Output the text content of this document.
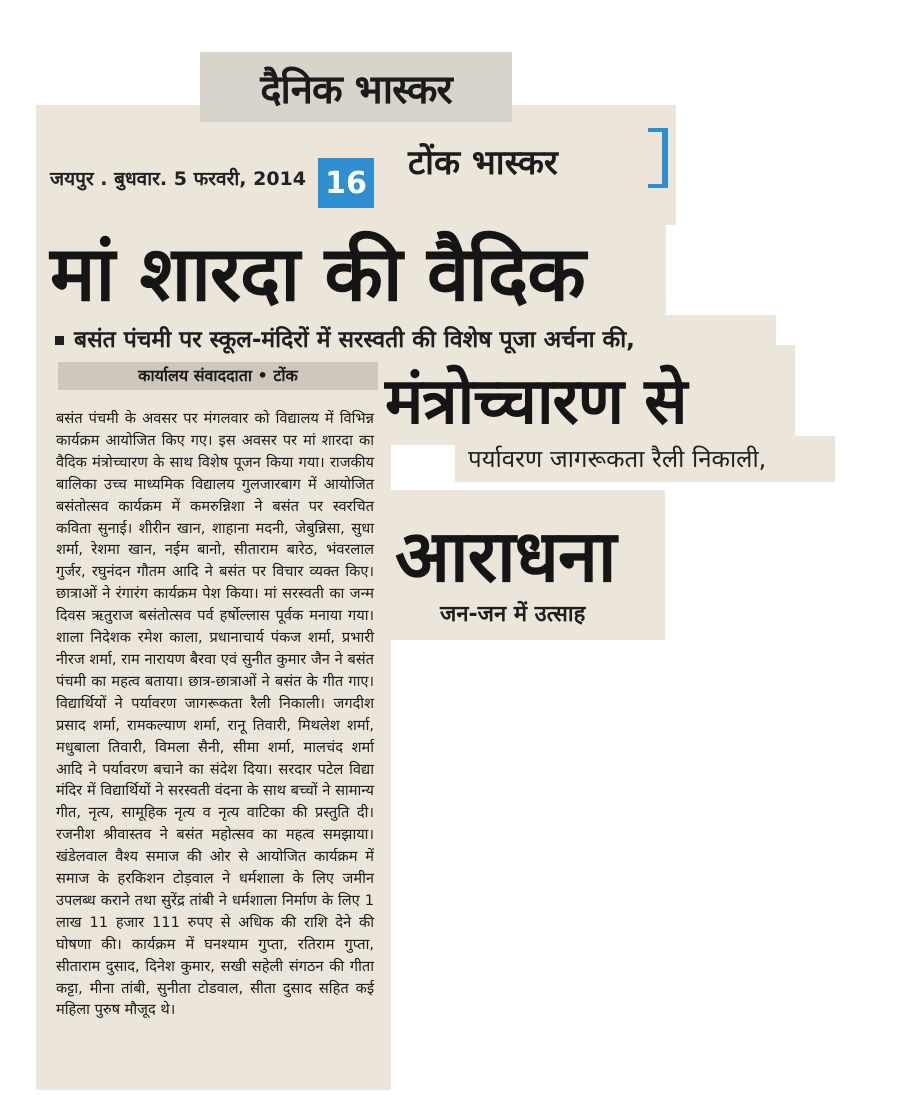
दैनिक भास्कर
जयपुर . बुधवार. 5 फरवरी, 2014 16 टोंक भास्कर
मां शारदा की वैदिक
बसंत पंचमी पर स्कूल-मंदिरों में सरस्वती की विशेष पूजा अर्चना की,
कार्यालय संवाददाता • टोंक	मंत्रोच्चारण से
पर्यावरण जागरूकता रैली निकाली,
आराधना
जन-जन में उत्साह

बसंत पंचमी के अवसर पर मंगलवार को विद्यालय में विभिन्न कार्यक्रम आयोजित किए गए। इस अवसर पर मां शारदा का वैदिक मंत्रोच्चारण के साथ विशेष पूजन किया गया। राजकीय बालिका उच्च माध्यमिक विद्यालय गुलजारबाग में आयोजित बसंतोत्सव कार्यक्रम में कमरुन्निशा ने बसंत पर स्वरचित कविता सुनाई। शीरीन खान, शाहाना मदनी, जेबुन्निसा, सुधा शर्मा, रेशमा खान, नईम बानो, सीताराम बारेठ, भंवरलाल गुर्जर, रघुनंदन गौतम आदि ने बसंत पर विचार व्यक्त किए। छात्राओं ने रंगारंग कार्यक्रम पेश किया। मां सरस्वती का जन्म दिवस ऋतुराज बसंतोत्सव पर्व हर्षोल्लास पूर्वक मनाया गया। शाला निदेशक रमेश काला, प्रधानाचार्य पंकज शर्मा, प्रभारी नीरज शर्मा, राम नारायण बैरवा एवं सुनीत कुमार जैन ने बसंत पंचमी का महत्व बताया। छात्र-छात्राओं ने बसंत के गीत गाए। विद्यार्थियों ने पर्यावरण जागरूकता रैली निकाली। जगदीश प्रसाद शर्मा, रामकल्याण शर्मा, रानू तिवारी, मिथलेश शर्मा, मधुबाला तिवारी, विमला सैनी, सीमा शर्मा, मालचंद शर्मा आदि ने पर्यावरण बचाने का संदेश दिया। सरदार पटेल विद्या मंदिर में विद्यार्थियों ने सरस्वती वंदना के साथ बच्चों ने सामान्य गीत, नृत्य, सामूहिक नृत्य व नृत्य वाटिका की प्रस्तुति दी। रजनीश श्रीवास्तव ने बसंत महोत्सव का महत्व समझाया। खंडेलवाल वैश्य समाज की ओर से आयोजित कार्यक्रम में समाज के हरकिशन टोड़वाल ने धर्मशाला के लिए जमीन उपलब्ध कराने तथा सुरेंद्र तांबी ने धर्मशाला निर्माण के लिए 1 लाख 11 हजार 111 रुपए से अधिक की राशि देने की घोषणा की। कार्यक्रम में घनश्याम गुप्ता, रतिराम गुप्ता, सीताराम दुसाद, दिनेश कुमार, सखी सहेली संगठन की गीता कट्टा, मीना तांबी, सुनीता टोडवाल, सीता दुसाद सहित कई महिला पुरुष मौजूद थे।
